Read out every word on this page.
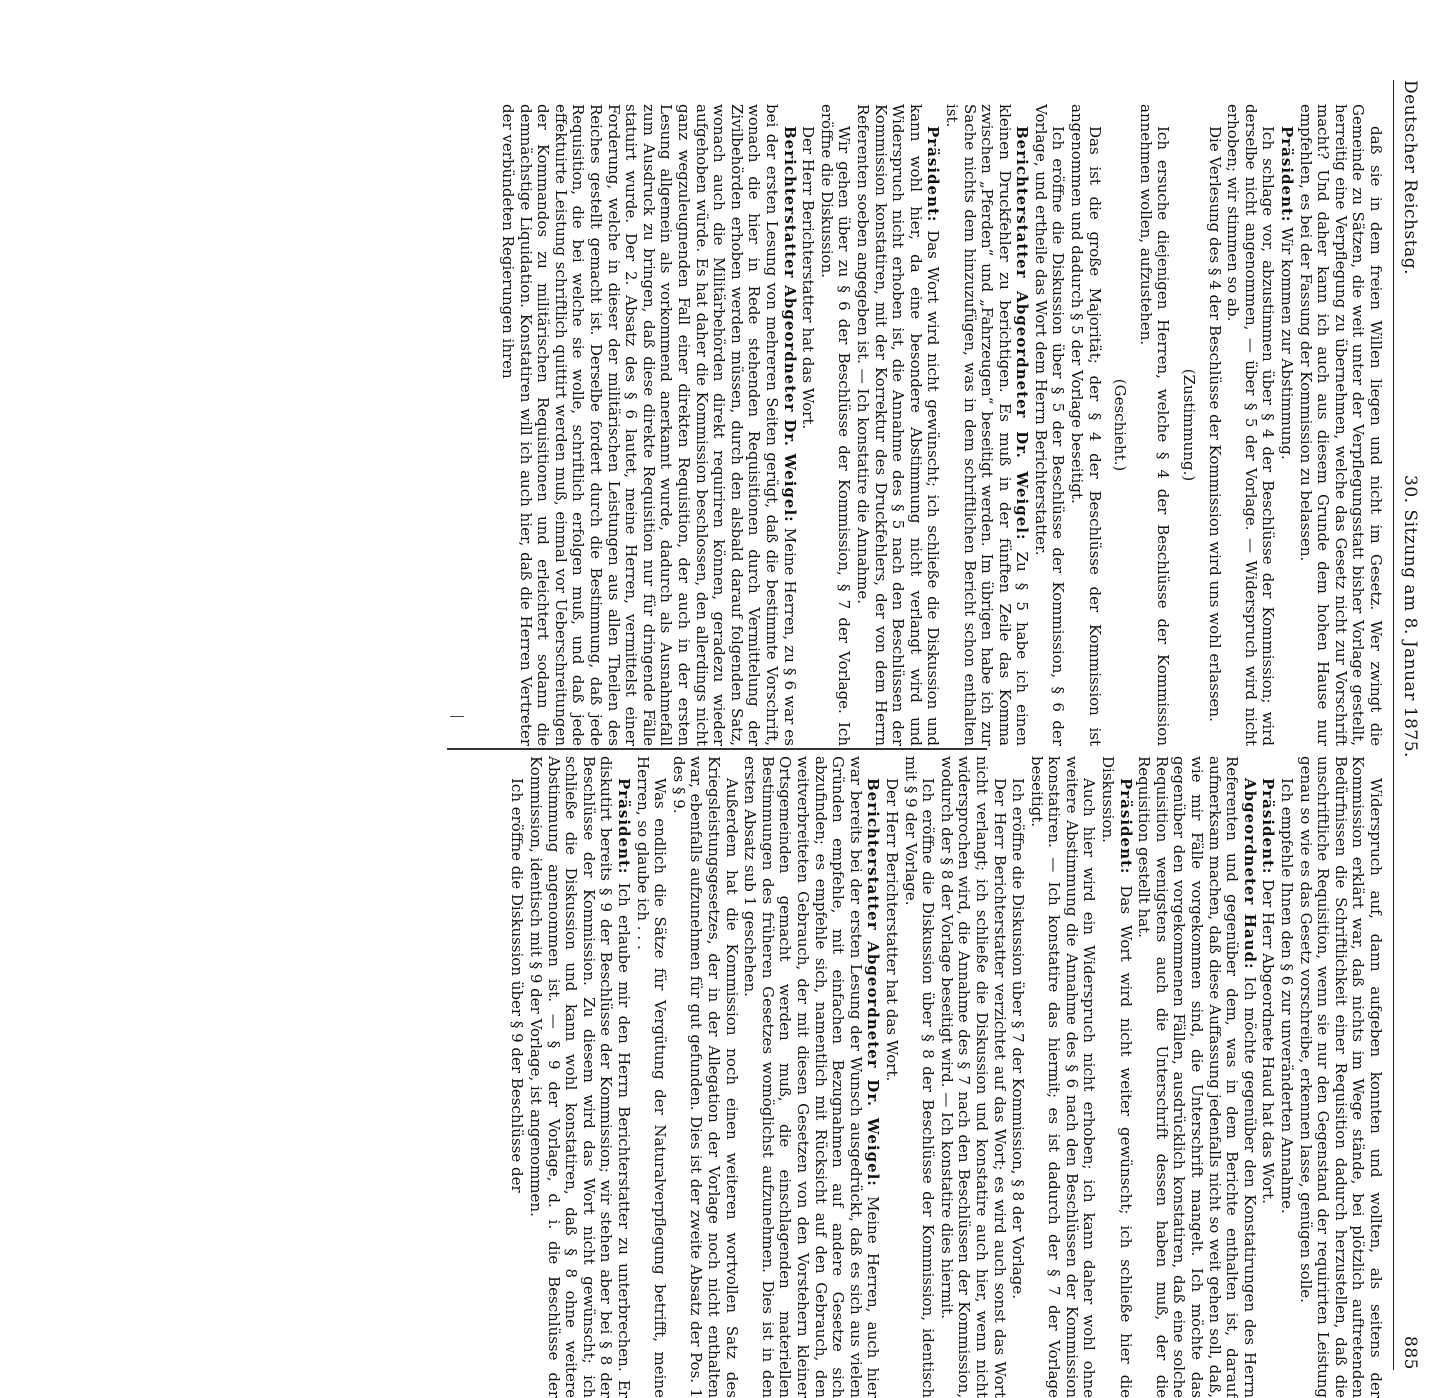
Deutscher Reichstag.
30. Sitzung am 8. Januar 1875.
885

daß sie in dem freien Willen liegen und nicht im Gesetz. Wer zwingt die Gemeinde zu Sätzen, die weit unter der Verpflegungsstatt bisher Vorlage gestellt, herreitig eine Verpflegung zu übernehmen, welche das Gesetz nicht zur Vorschrift macht? Und daher kann ich auch aus diesem Grunde dem hohen Hause nur empfehlen, es bei der Fassung der Kommission zu belassen.

Präsident: Wir kommen zur Abstimmung.

Ich schlage vor, abzustimmen über § 4 der Beschlüsse der Kommission; wird derselbe nicht angenommen, — über § 5 der Vorlage. — Widerspruch wird nicht erhoben; wir stimmen so ab.

Die Verlesung des § 4 der Beschlüsse der Kommission wird uns wohl erlassen.

(Zustimmung.)

Ich ersuche diejenigen Herren, welche § 4 der Beschlüsse der Kommission annehmen wollen, aufzustehen.

(Geschieht.)

Das ist die große Majorität; der § 4 der Beschlüsse der Kommission ist angenommen und dadurch § 5 der Vorlage beseitigt.

Ich eröffne die Diskussion über § 5 der Beschlüsse der Kommission, § 6 der Vorlage, und ertheile das Wort dem Herrn Berichterstatter.

Berichterstatter Abgeordneter Dr. Weigel: Zu § 5 habe ich einen kleinen Druckfehler zu berichtigen. Es muß in der fünften Zeile das Komma zwischen „Pferden“ und „Fahrzeugen“ beseitigt werden. Im übrigen habe ich zur Sache nichts dem hinzuzufügen, was in dem schriftlichen Bericht schon enthalten ist.

Präsident: Das Wort wird nicht gewünscht; ich schließe die Diskussion und kann wohl hier, da eine besondere Abstimmung nicht verlangt wird und Widerspruch nicht erhoben ist, die Annahme des § 5 nach den Beschlüssen der Kommission konstatiren, mit der Korrektur des Druckfehlers, der von dem Herrn Referenten soeben angegeben ist. — Ich konstatire die Annahme.

Wir gehen über zu § 6 der Beschlüsse der Kommission, § 7 der Vorlage. Ich eröffne die Diskussion.

Der Herr Berichterstatter hat das Wort.

Berichterstatter Abgeordneter Dr. Weigel: Meine Herren, zu § 6 war es bei der ersten Lesung von mehreren Seiten gerügt, daß die bestimmte Vorschrift, wonach die hier in Rede stehenden Requisitionen durch Vermittelung der Zivilbehörden erhoben werden müssen, durch den alsbald darauf folgenden Satz, wonach auch die Militärbehörden direkt requiriren können, geradezu wieder aufgehoben würde. Es hat daher die Kommission beschlossen, den allerdings nicht ganz wegzuleugnenden Fall einer direkten Requisition, der auch in der ersten Lesung allgemein als vorkommend anerkannt wurde, dadurch als Ausnahmefall zum Ausdruck zu bringen, daß diese direkte Requisition nur für dringende Fälle statuirt wurde. Der 2. Absatz des § 6 lautet, meine Herren, vermittelst einer Forderung, welche in dieser der militärischen Leistungen aus allen Theilen des Reiches gestellt gemacht ist. Derselbe fordert durch die Bestimmung, daß jede Requisition, die bei welche sie wolle, schriftlich erfolgen muß, und daß jede effektuirte Leistung schriftlich quittirt werden muß, einmal vor Ueberschreitungen der Kommandos zu militärischen Requisitionen und erleichtert sodann die demnächstige Liquidation. Konstatiren will ich auch hier, daß die Herren Vertreter der verbündeten Regierungen ihren

Widerspruch auf, dann aufgeben konnten und wollten, als seitens der Kommission erklärt war, daß nichts im Wege stände, bei plötzlich auftretenden Bedürfnissen die Schriftlichkeit einer Requisition dadurch herzustellen, daß die unschriftliche Requisition, wenn sie nur den Gegenstand der requirirten Leistung genau so wie es das Gesetz vorschreibe, erkennen lasse, genügen solle.

Ich empfehle Ihnen den § 6 zur unveränderten Annahme.

Präsident: Der Herr Abgeordnete Haud hat das Wort.

Abgeordneter Haud: Ich möchte gegenüber den Konstatirungen des Herrn Referenten und gegenüber dem, was in dem Berichte enthalten ist, darauf aufmerksam machen, daß diese Auffassung jedenfalls nicht so weit gehen soll, daß, wie mir Fälle vorgekommen sind, die Unterschrift mangelt. Ich möchte das gegenüber den vorgekommenen Fällen, ausdrücklich konstatiren, daß eine solche Requisition wenigstens auch die Unterschrift dessen haben muß, der die Requisition gestellt hat.

Präsident: Das Wort wird nicht weiter gewünscht; ich schließe hier die Diskussion.

Auch hier wird ein Widerspruch nicht erhoben; ich kann daher wohl ohne weitere Abstimmung die Annahme des § 6 nach den Beschlüssen der Kommission konstatiren. — Ich konstatire das hiermit; es ist dadurch der § 7 der Vorlage beseitigt.

Ich eröffne die Diskussion über § 7 der Kommission, § 8 der Vorlage.

Der Herr Berichterstatter verzichtet auf das Wort; es wird auch sonst das Wort nicht verlangt; ich schließe die Diskussion und konstatire auch hier, wenn nicht widersprochen wird, die Annahme des § 7 nach den Beschlüssen der Kommission, wodurch der § 8 der Vorlage beseitigt wird. — Ich konstatire dies hiermit.

Ich eröffne die Diskussion über § 8 der Beschlüsse der Kommission, identisch mit § 9 der Vorlage.

Der Herr Berichterstatter hat das Wort.

Berichterstatter Abgeordneter Dr. Weigel: Meine Herren, auch hier war bereits bei der ersten Lesung der Wunsch ausgedrückt, daß es sich aus vielen Gründen empfehle, mit einfachen Bezugnahmen auf andere Gesetze sich abzufinden; es empfehle sich, namentlich mit Rücksicht auf den Gebrauch, den weitverbreiteten Gebrauch, der mit diesen Gesetzen von den Vorstehern kleiner Ortsgemeinden gemacht werden muß, die einschlagenden materiellen Bestimmungen des früheren Gesetzes womöglichst aufzunehmen. Dies ist in den ersten Absatz sub 1 geschehen.

Außerdem hat die Kommission noch einen weiteren wortvollen Satz des Kriegsleistungsgesetzes, der in der Allegation der Vorlage noch nicht enthalten war, ebenfalls aufzunehmen für gut gefunden. Dies ist der zweite Absatz der Pos. 1 des § 9.

Was endlich die Sätze für Vergütung der Naturalverpflegung betrifft, meine Herren, so glaube ich . . .

Präsident: Ich erlaube mir den Herrn Berichterstatter zu unterbrechen. Er diskutirt bereits § 9 der Beschlüsse der Kommission; wir stehen aber bei § 8 der Beschlüsse der Kommission. Zu diesem wird das Wort nicht gewünscht; ich schließe die Diskussion und kann wohl konstatiren, daß § 8 ohne weitere Abstimmung angenommen ist. — § 9 der Vorlage, d. i. die Beschlüsse der Kommission, identisch mit § 9 der Vorlage, ist angenommen.

Ich eröffne die Diskussion über § 9 der Beschlüsse der
